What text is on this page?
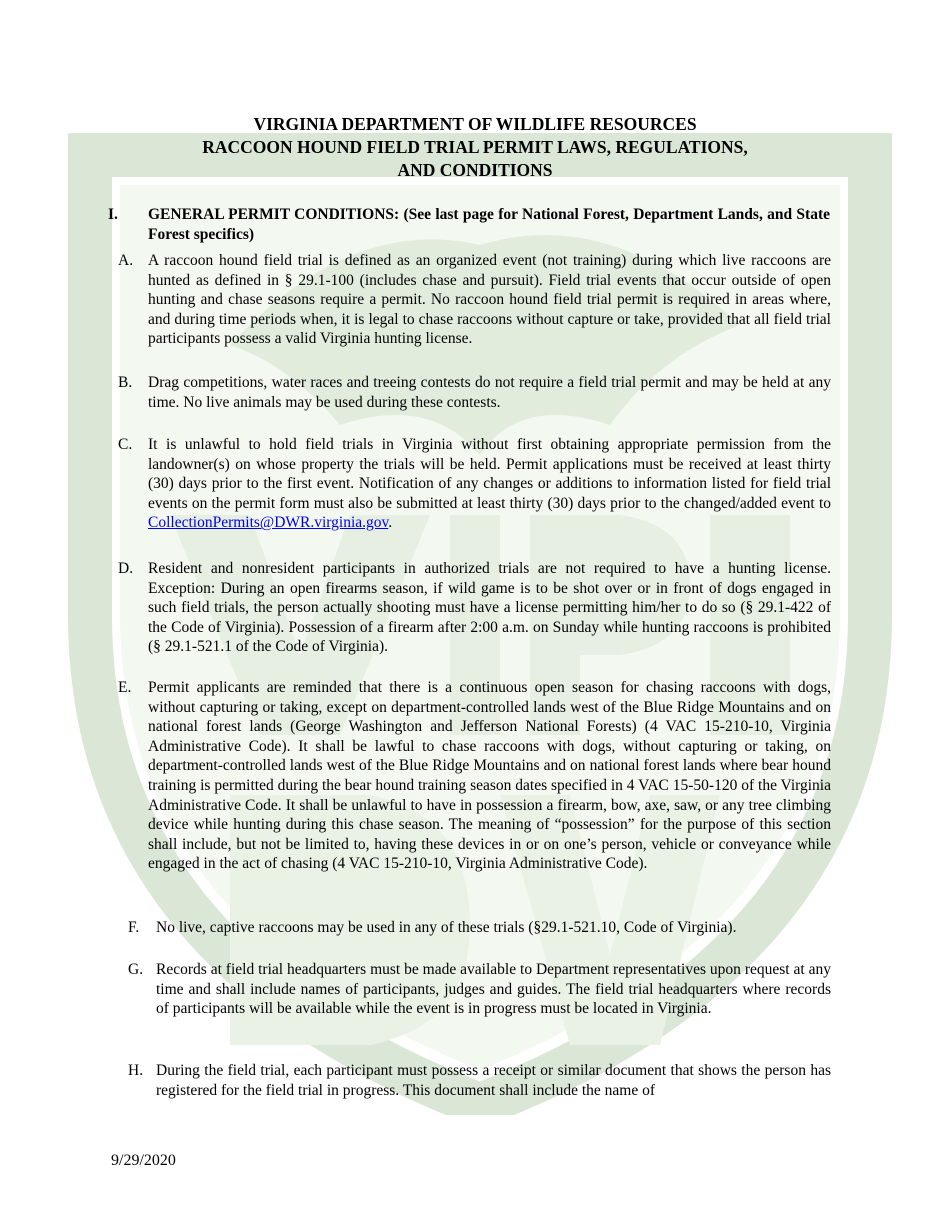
VIRGINIA DEPARTMENT OF WILDLIFE RESOURCES
RACCOON HOUND FIELD TRIAL PERMIT LAWS, REGULATIONS,
AND CONDITIONS
I. GENERAL PERMIT CONDITIONS: (See last page for National Forest, Department Lands, and State Forest specifics)
A. A raccoon hound field trial is defined as an organized event (not training) during which live raccoons are hunted as defined in § 29.1-100 (includes chase and pursuit). Field trial events that occur outside of open hunting and chase seasons require a permit. No raccoon hound field trial permit is required in areas where, and during time periods when, it is legal to chase raccoons without capture or take, provided that all field trial participants possess a valid Virginia hunting license.
B. Drag competitions, water races and treeing contests do not require a field trial permit and may be held at any time. No live animals may be used during these contests.
C. It is unlawful to hold field trials in Virginia without first obtaining appropriate permission from the landowner(s) on whose property the trials will be held. Permit applications must be received at least thirty (30) days prior to the first event. Notification of any changes or additions to information listed for field trial events on the permit form must also be submitted at least thirty (30) days prior to the changed/added event to CollectionPermits@DWR.virginia.gov.
D. Resident and nonresident participants in authorized trials are not required to have a hunting license. Exception: During an open firearms season, if wild game is to be shot over or in front of dogs engaged in such field trials, the person actually shooting must have a license permitting him/her to do so (§ 29.1-422 of the Code of Virginia). Possession of a firearm after 2:00 a.m. on Sunday while hunting raccoons is prohibited (§ 29.1-521.1 of the Code of Virginia).
E. Permit applicants are reminded that there is a continuous open season for chasing raccoons with dogs, without capturing or taking, except on department-controlled lands west of the Blue Ridge Mountains and on national forest lands (George Washington and Jefferson National Forests) (4 VAC 15-210-10, Virginia Administrative Code). It shall be lawful to chase raccoons with dogs, without capturing or taking, on department-controlled lands west of the Blue Ridge Mountains and on national forest lands where bear hound training is permitted during the bear hound training season dates specified in 4 VAC 15-50-120 of the Virginia Administrative Code. It shall be unlawful to have in possession a firearm, bow, axe, saw, or any tree climbing device while hunting during this chase season. The meaning of “possession” for the purpose of this section shall include, but not be limited to, having these devices in or on one’s person, vehicle or conveyance while engaged in the act of chasing (4 VAC 15-210-10, Virginia Administrative Code).
F. No live, captive raccoons may be used in any of these trials (§29.1-521.10, Code of Virginia).
G. Records at field trial headquarters must be made available to Department representatives upon request at any time and shall include names of participants, judges and guides. The field trial headquarters where records of participants will be available while the event is in progress must be located in Virginia.
H. During the field trial, each participant must possess a receipt or similar document that shows the person has registered for the field trial in progress. This document shall include the name of
9/29/2020
